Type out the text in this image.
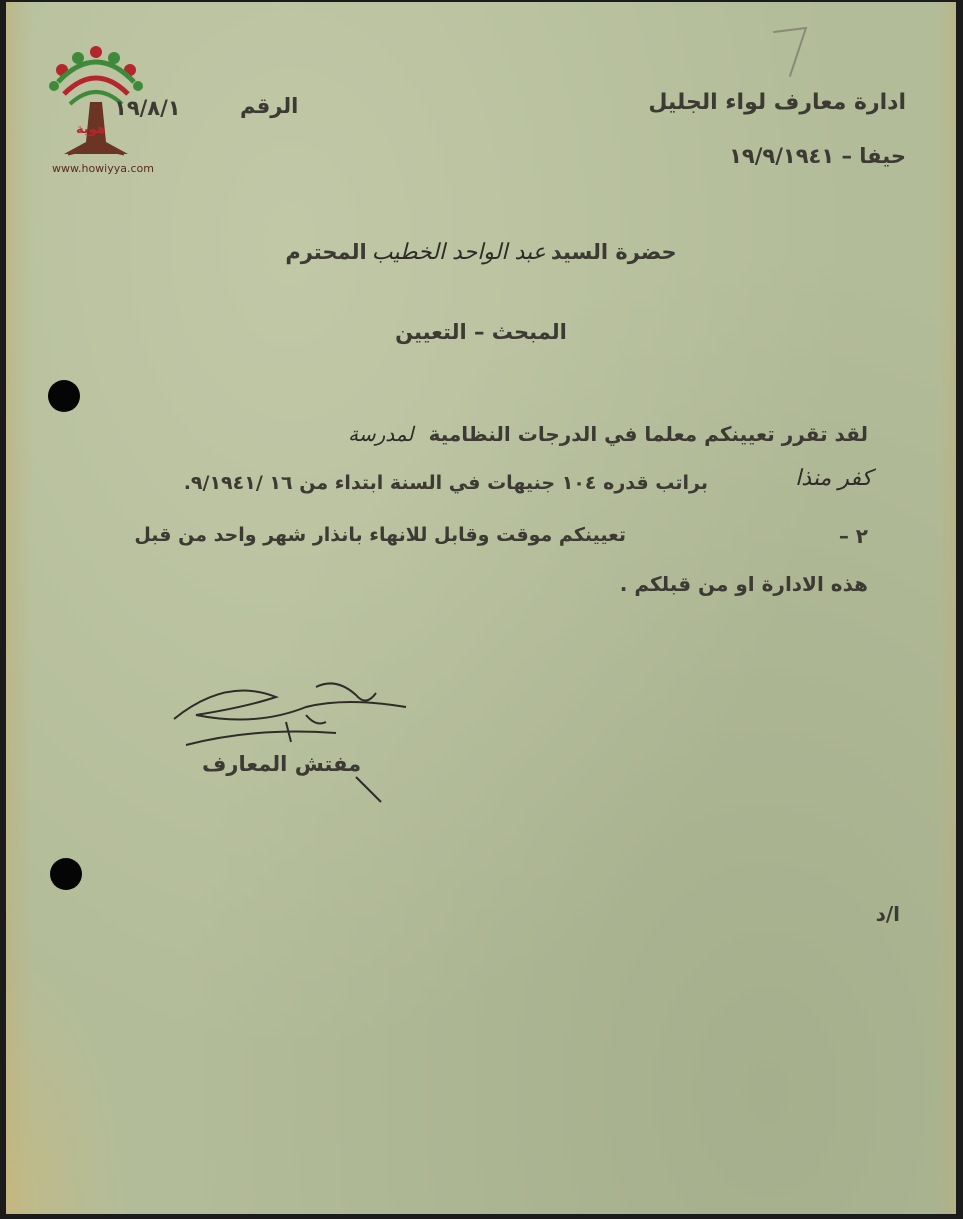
www.howiyya.com
هوية
ادارة معارف لواء الجليل
حيفا – ١٩/٩/١٩٤١
الرقم
١٩/٨/١
حضرة السيد عبد الواحد الخطيب المحترم
المبحث – التعيين
لقد تقرر تعيينكم معلما في الدرجات النظامية لمدرسة
كفر منذا
براتب قدره ١٠٤ جنيهات في السنة ابتداء من ١٦ /٩/١٩٤١.
٢ –
تعيينكم موقت وقابل للانهاء بانذار شهر واحد من قبل
هذه الادارة او من قبلكم .
مفتش المعارف
ا/د
